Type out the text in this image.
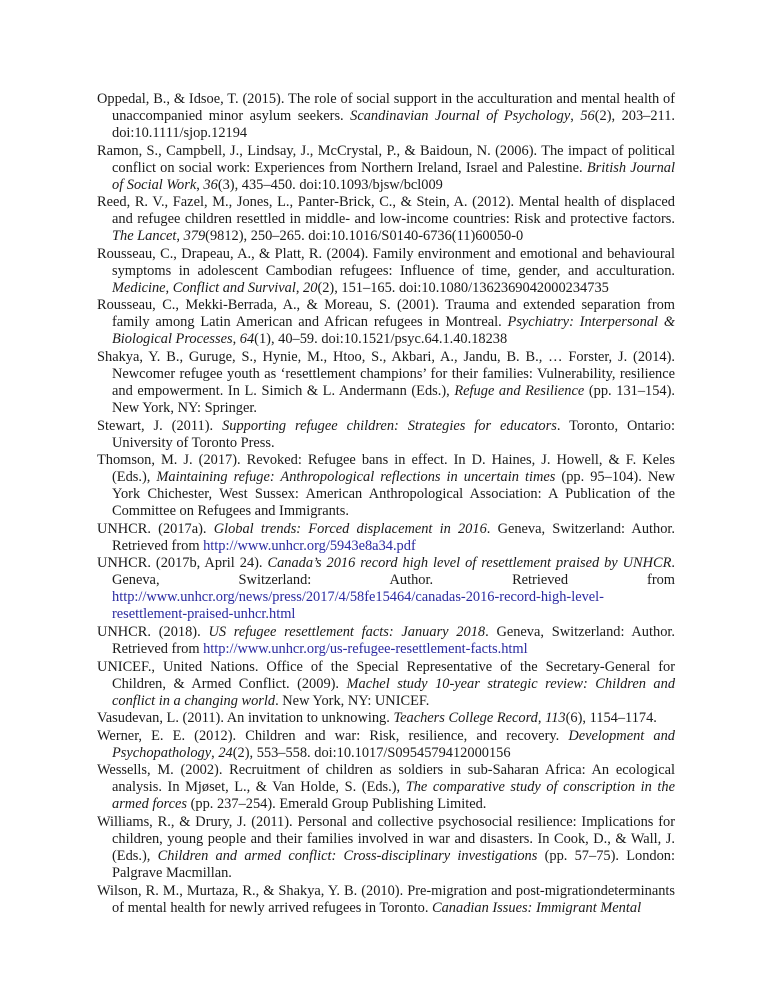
Oppedal, B., & Idsoe, T. (2015). The role of social support in the acculturation and mental health of unaccompanied minor asylum seekers. Scandinavian Journal of Psychology, 56(2), 203–211. doi:10.1111/sjop.12194

Ramon, S., Campbell, J., Lindsay, J., McCrystal, P., & Baidoun, N. (2006). The impact of political conflict on social work: Experiences from Northern Ireland, Israel and Palestine. British Journal of Social Work, 36(3), 435–450. doi:10.1093/bjsw/bcl009

Reed, R. V., Fazel, M., Jones, L., Panter-Brick, C., & Stein, A. (2012). Mental health of displaced and refugee children resettled in middle- and low-income countries: Risk and protective factors. The Lancet, 379(9812), 250–265. doi:10.1016/S0140-6736(11)60050-0

Rousseau, C., Drapeau, A., & Platt, R. (2004). Family environment and emotional and behavioural symptoms in adolescent Cambodian refugees: Influence of time, gender, and acculturation. Medicine, Conflict and Survival, 20(2), 151–165. doi:10.1080/1362369042000234735

Rousseau, C., Mekki-Berrada, A., & Moreau, S. (2001). Trauma and extended separation from family among Latin American and African refugees in Montreal. Psychiatry: Interpersonal & Biological Processes, 64(1), 40–59. doi:10.1521/psyc.64.1.40.18238

Shakya, Y. B., Guruge, S., Hynie, M., Htoo, S., Akbari, A., Jandu, B. B., … Forster, J. (2014). Newcomer refugee youth as ‘resettlement champions’ for their families: Vulnerability, resilience and empowerment. In L. Simich & L. Andermann (Eds.), Refuge and Resilience (pp. 131–154). New York, NY: Springer.

Stewart, J. (2011). Supporting refugee children: Strategies for educators. Toronto, Ontario: University of Toronto Press.

Thomson, M. J. (2017). Revoked: Refugee bans in effect. In D. Haines, J. Howell, & F. Keles (Eds.), Maintaining refuge: Anthropological reflections in uncertain times (pp. 95–104). New York Chichester, West Sussex: American Anthropological Association: A Publication of the Committee on Refugees and Immigrants.

UNHCR. (2017a). Global trends: Forced displacement in 2016. Geneva, Switzerland: Author. Retrieved from http://www.unhcr.org/5943e8a34.pdf

UNHCR. (2017b, April 24). Canada’s 2016 record high level of resettlement praised by UNHCR. Geneva, Switzerland: Author. Retrieved from http://www.unhcr.org/news/press/2017/4/58fe15464/canadas-2016-record-high-level-resettlement-praised-unhcr.html

UNHCR. (2018). US refugee resettlement facts: January 2018. Geneva, Switzerland: Author. Retrieved from http://www.unhcr.org/us-refugee-resettlement-facts.html

UNICEF., United Nations. Office of the Special Representative of the Secretary-General for Children, & Armed Conflict. (2009). Machel study 10-year strategic review: Children and conflict in a changing world. New York, NY: UNICEF.

Vasudevan, L. (2011). An invitation to unknowing. Teachers College Record, 113(6), 1154–1174.

Werner, E. E. (2012). Children and war: Risk, resilience, and recovery. Development and Psychopathology, 24(2), 553–558. doi:10.1017/S0954579412000156

Wessells, M. (2002). Recruitment of children as soldiers in sub-Saharan Africa: An ecological analysis. In Mjøset, L., & Van Holde, S. (Eds.), The comparative study of conscription in the armed forces (pp. 237–254). Emerald Group Publishing Limited.

Williams, R., & Drury, J. (2011). Personal and collective psychosocial resilience: Implications for children, young people and their families involved in war and disasters. In Cook, D., & Wall, J. (Eds.), Children and armed conflict: Cross-disciplinary investigations (pp. 57–75). London: Palgrave Macmillan.

Wilson, R. M., Murtaza, R., & Shakya, Y. B. (2010). Pre-migration and post-migrationdeterminants of mental health for newly arrived refugees in Toronto. Canadian Issues: Immigrant Mental
